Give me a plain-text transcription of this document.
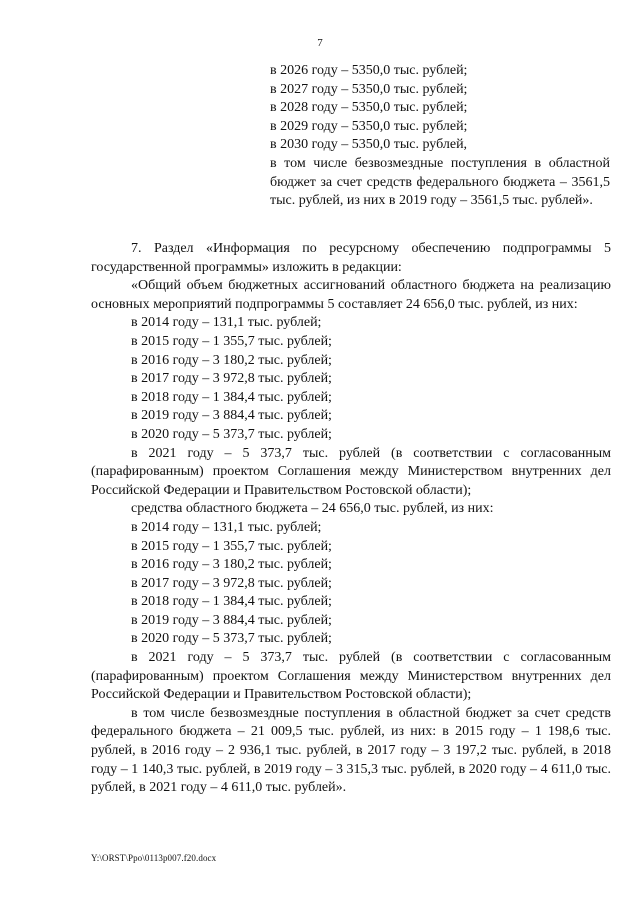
7

в 2026 году – 5350,0 тыс. рублей;

в 2027 году – 5350,0 тыс. рублей;

в 2028 году – 5350,0 тыс. рублей;

в 2029 году – 5350,0 тыс. рублей;

в 2030 году – 5350,0 тыс. рублей,

в том числе безвозмездные поступления в областной бюджет за счет средств федерального бюджета – 3561,5 тыс. рублей, из них в 2019 году – 3561,5 тыс. рублей».

7. Раздел «Информация по ресурсному обеспечению подпрограммы 5 государственной программы» изложить в редакции:

«Общий объем бюджетных ассигнований областного бюджета на реализацию основных мероприятий подпрограммы 5 составляет 24 656,0 тыс. рублей, из них:

в 2014 году – 131,1 тыс. рублей;

в 2015 году – 1 355,7 тыс. рублей;

в 2016 году – 3 180,2 тыс. рублей;

в 2017 году – 3 972,8 тыс. рублей;

в 2018 году – 1 384,4 тыс. рублей;

в 2019 году – 3 884,4 тыс. рублей;

в 2020 году – 5 373,7 тыс. рублей;

в 2021 году – 5 373,7 тыс. рублей (в соответствии с согласованным (парафированным) проектом Соглашения между Министерством внутренних дел Российской Федерации и Правительством Ростовской области);

средства областного бюджета – 24 656,0 тыс. рублей, из них:

в 2014 году – 131,1 тыс. рублей;

в 2015 году – 1 355,7 тыс. рублей;

в 2016 году – 3 180,2 тыс. рублей;

в 2017 году – 3 972,8 тыс. рублей;

в 2018 году – 1 384,4 тыс. рублей;

в 2019 году – 3 884,4 тыс. рублей;

в 2020 году – 5 373,7 тыс. рублей;

в 2021 году – 5 373,7 тыс. рублей (в соответствии с согласованным (парафированным) проектом Соглашения между Министерством внутренних дел Российской Федерации и Правительством Ростовской области);

в том числе безвозмездные поступления в областной бюджет за счет средств федерального бюджета – 21 009,5 тыс. рублей, из них: в 2015 году – 1 198,6 тыс. рублей, в 2016 году – 2 936,1 тыс. рублей, в 2017 году – 3 197,2 тыс. рублей, в 2018 году – 1 140,3 тыс. рублей, в 2019 году – 3 315,3 тыс. рублей, в 2020 году – 4 611,0 тыс. рублей, в 2021 году – 4 611,0 тыс. рублей».

Y:\ORST\Ppo\0113p007.f20.docx
